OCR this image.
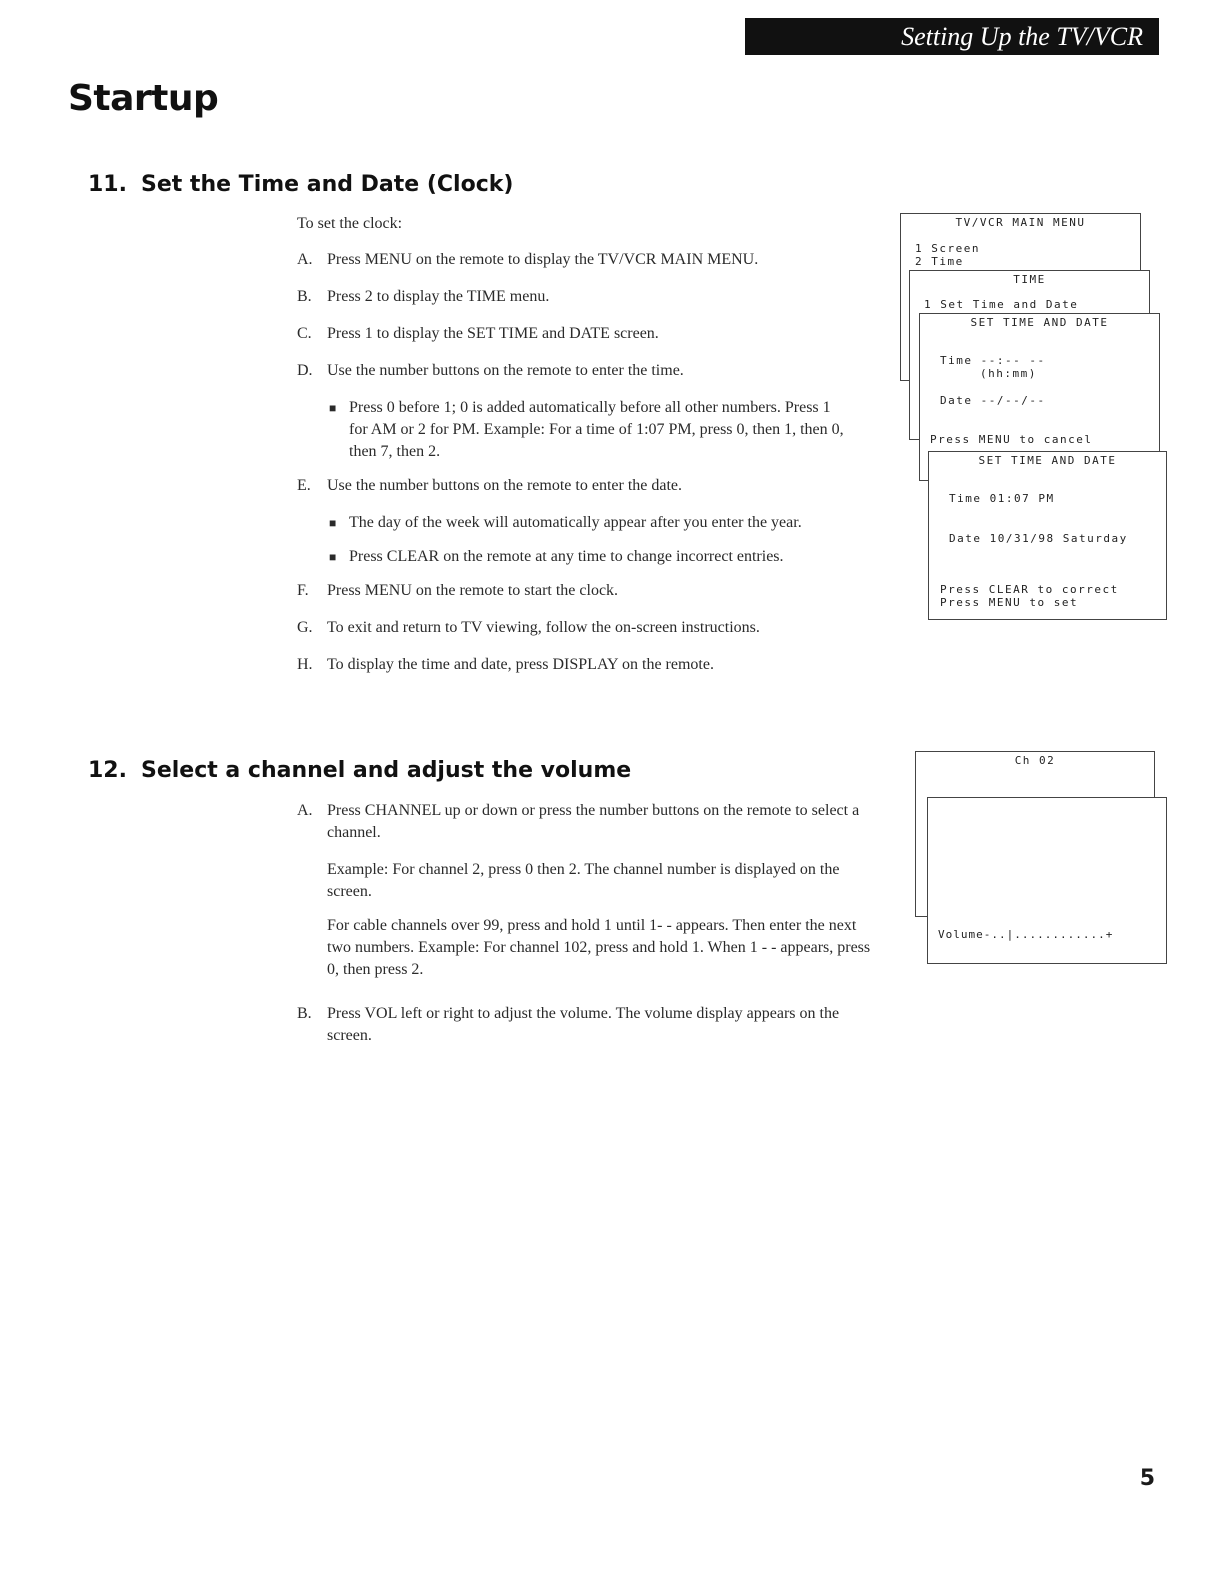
Setting Up the TV/VCR
Startup
11. Set the Time and Date (Clock)
To set the clock:
A. Press MENU on the remote to display the TV/VCR MAIN MENU.
B. Press 2 to display the TIME menu.
C. Press 1 to display the SET TIME and DATE screen.
D. Use the number buttons on the remote to enter the time.
■ Press 0 before 1; 0 is added automatically before all other numbers. Press 1 for AM or 2 for PM. Example: For a time of 1:07 PM, press 0, then 1, then 0, then 7, then 2.
E. Use the number buttons on the remote to enter the date.
■ The day of the week will automatically appear after you enter the year.
■ Press CLEAR on the remote at any time to change incorrect entries.
F. Press MENU on the remote to start the clock.
G. To exit and return to TV viewing, follow the on-screen instructions.
H. To display the time and date, press DISPLAY on the remote.
TV/VCR MAIN MENU
1 Screen
2 Time
TIME
1 Set Time and Date
SET TIME AND DATE
Time --:-- --
(hh:mm)
Date --/--/--
Press MENU to cancel
SET TIME AND DATE
Time 01:07 PM
Date 10/31/98 Saturday
Press CLEAR to correct
Press MENU to set
12. Select a channel and adjust the volume
A. Press CHANNEL up or down or press the number buttons on the remote to select a channel.
Example: For channel 2, press 0 then 2. The channel number is displayed on the screen.
For cable channels over 99, press and hold 1 until 1- - appears. Then enter the next two numbers. Example: For channel 102, press and hold 1. When 1 - - appears, press 0, then press 2.
B. Press VOL left or right to adjust the volume. The volume display appears on the screen.
Ch 02
Volume-..|............+
5
